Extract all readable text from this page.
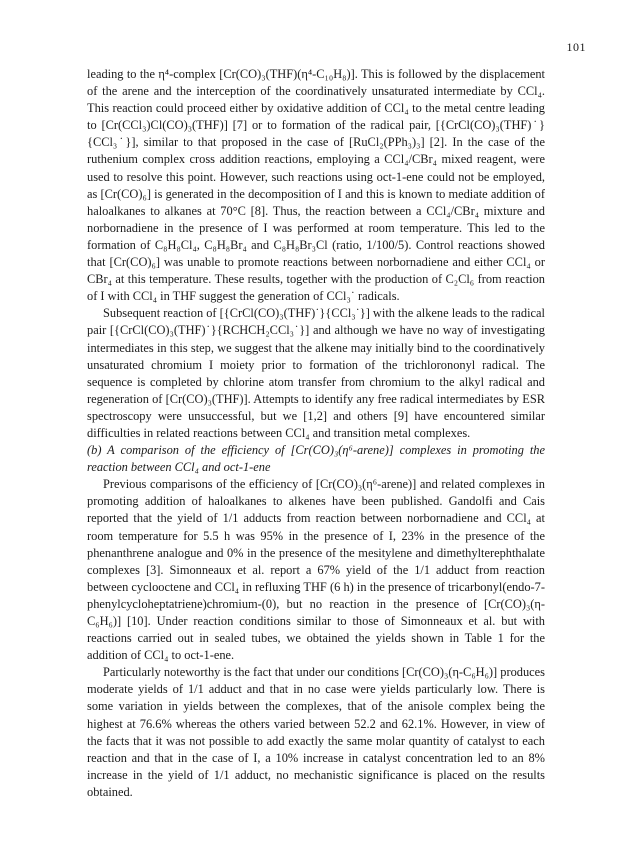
101

leading to the η⁴-complex [Cr(CO)₃(THF)(η⁴-C₁₀H₈)]. This is followed by the displacement of the arene and the interception of the coordinatively unsaturated intermediate by CCl₄. This reaction could proceed either by oxidative addition of CCl₄ to the metal centre leading to [Cr(CCl₃)Cl(CO)₃(THF)] [7] or to formation of the radical pair, [{CrCl(CO)₃(THF)˙}{CCl₃˙}], similar to that proposed in the case of [RuCl₂(PPh₃)₃] [2]. In the case of the ruthenium complex cross addition reactions, employing a CCl₄/CBr₄ mixed reagent, were used to resolve this point. However, such reactions using oct-1-ene could not be employed, as [Cr(CO)₆] is generated in the decomposition of I and this is known to mediate addition of haloalkanes to alkanes at 70°C [8]. Thus, the reaction between a CCl₄/CBr₄ mixture and norbornadiene in the presence of I was performed at room temperature. This led to the formation of C₈H₈Cl₄, C₈H₈Br₄ and C₈H₈Br₃Cl (ratio, 1/100/5). Control reactions showed that [Cr(CO)₆] was unable to promote reactions between norbornadiene and either CCl₄ or CBr₄ at this temperature. These results, together with the production of C₂Cl₆ from reaction of I with CCl₄ in THF suggest the generation of CCl₃˙ radicals.

Subsequent reaction of [{CrCl(CO)₃(THF)˙}{CCl₃˙}] with the alkene leads to the radical pair [{CrCl(CO)₃(THF)˙}{RCHCH₂CCl₃˙}] and although we have no way of investigating intermediates in this step, we suggest that the alkene may initially bind to the coordinatively unsaturated chromium I moiety prior to formation of the trichlorononyl radical. The sequence is completed by chlorine atom transfer from chromium to the alkyl radical and regeneration of [Cr(CO)₃(THF)]. Attempts to identify any free radical intermediates by ESR spectroscopy were unsuccessful, but we [1,2] and others [9] have encountered similar difficulties in related reactions between CCl₄ and transition metal complexes.

(b) A comparison of the efficiency of [Cr(CO)₃(η⁶-arene)] complexes in promoting the reaction between CCl₄ and oct-1-ene

Previous comparisons of the efficiency of [Cr(CO)₃(η⁶-arene)] and related complexes in promoting addition of haloalkanes to alkenes have been published. Gandolfi and Cais reported that the yield of 1/1 adducts from reaction between norbornadiene and CCl₄ at room temperature for 5.5 h was 95% in the presence of I, 23% in the presence of the phenanthrene analogue and 0% in the presence of the mesitylene and dimethylterephthalate complexes [3]. Simonneaux et al. report a 67% yield of the 1/1 adduct from reaction between cyclooctene and CCl₄ in refluxing THF (6 h) in the presence of tricarbonyl(endo-7-phenylcycloheptatriene)chromium-(0), but no reaction in the presence of [Cr(CO)₃(η-C₆H₆)] [10]. Under reaction conditions similar to those of Simonneaux et al. but with reactions carried out in sealed tubes, we obtained the yields shown in Table 1 for the addition of CCl₄ to oct-1-ene.

Particularly noteworthy is the fact that under our conditions [Cr(CO)₃(η-C₆H₆)] produces moderate yields of 1/1 adduct and that in no case were yields particularly low. There is some variation in yields between the complexes, that of the anisole complex being the highest at 76.6% whereas the others varied between 52.2 and 62.1%. However, in view of the facts that it was not possible to add exactly the same molar quantity of catalyst to each reaction and that in the case of I, a 10% increase in catalyst concentration led to an 8% increase in the yield of 1/1 adduct, no mechanistic significance is placed on the results obtained.
